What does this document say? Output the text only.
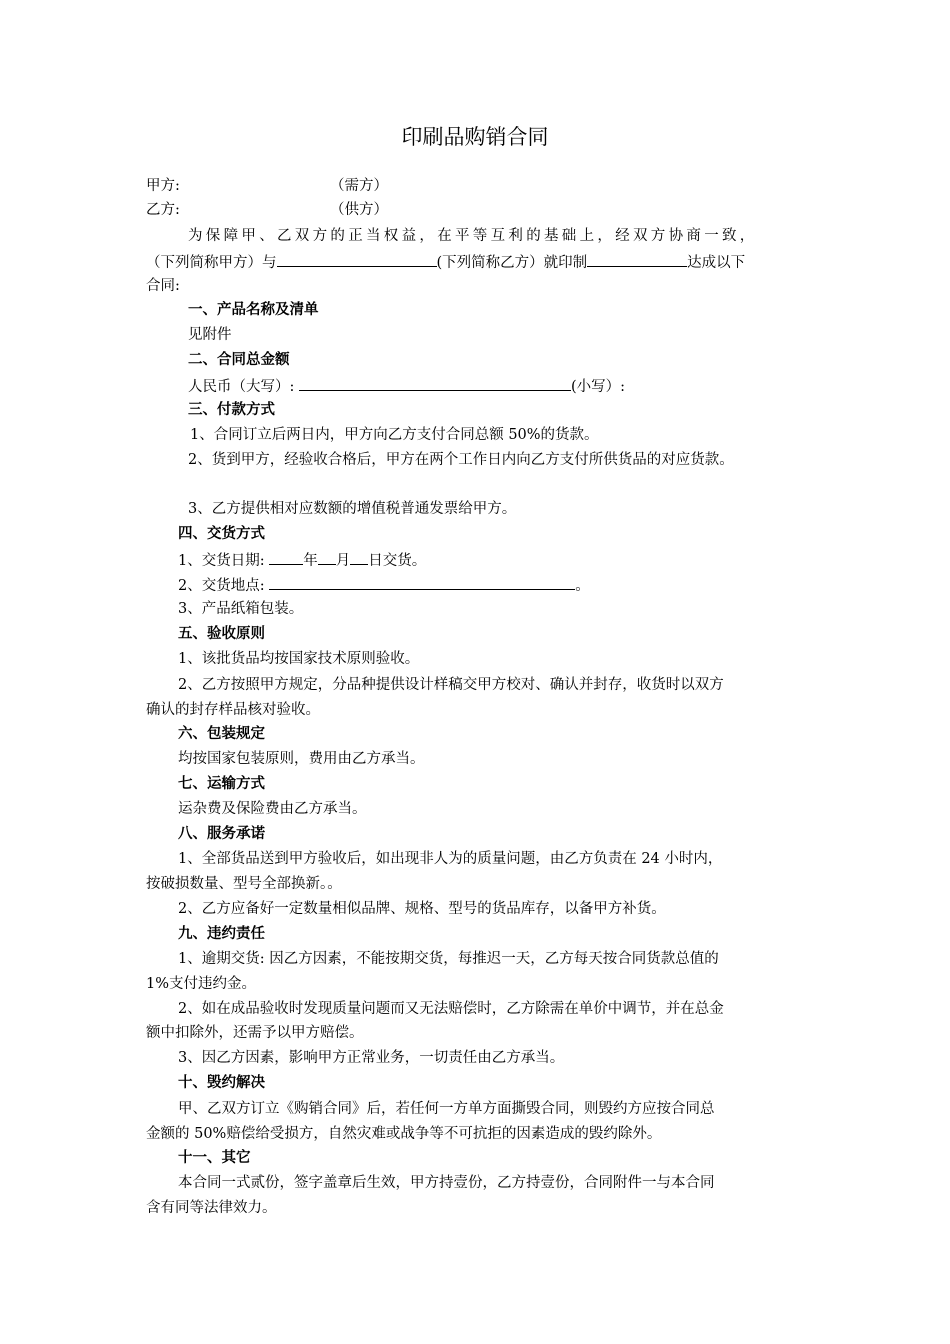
印刷品购销合同
甲方:	（需方）
乙方:	（供方）
为保障甲、乙双方的正当权益，在平等互利的基础上，经双方协商一致，
（下列简称甲方）与	(下列简称乙方）就印制	达成以下
合同:
一、产品名称及清单
见附件
二、合同总金额
人民币（大写）:	(小写）:
三、付款方式
1、合同订立后两日内，甲方向乙方支付合同总额 50%的货款。
2、货到甲方，经验收合格后，甲方在两个工作日内向乙方支付所供货品的对应货款。
3、乙方提供相对应数额的增值税普通发票给甲方。
四、交货方式
1、交货日期:	年 月 日交货。
2、交货地点:	。
3、产品纸箱包装。
五、验收原则
1、该批货品均按国家技术原则验收。
2、乙方按照甲方规定，分品种提供设计样稿交甲方校对、确认并封存，收货时以双方
确认的封存样品核对验收。
六、包装规定
均按国家包装原则，费用由乙方承当。
七、运输方式
运杂费及保险费由乙方承当。
八、服务承诺
1、全部货品送到甲方验收后，如出现非人为的质量问题，由乙方负责在 24 小时内，
按破损数量、型号全部换新。。
2、乙方应备好一定数量相似品牌、规格、型号的货品库存，以备甲方补货。
九、违约责任
1、逾期交货: 因乙方因素，不能按期交货，每推迟一天，乙方每天按合同货款总值的
1%支付违约金。
2、如在成品验收时发现质量问题而又无法赔偿时，乙方除需在单价中调节，并在总金
额中扣除外，还需予以甲方赔偿。
3、因乙方因素，影响甲方正常业务，一切责任由乙方承当。
十、毁约解决
甲、乙双方订立《购销合同》后，若任何一方单方面撕毁合同，则毁约方应按合同总
金额的 50%赔偿给受损方，自然灾难或战争等不可抗拒的因素造成的毁约除外。
十一、其它
本合同一式贰份，签字盖章后生效，甲方持壹份，乙方持壹份，合同附件一与本合同
含有同等法律效力。
